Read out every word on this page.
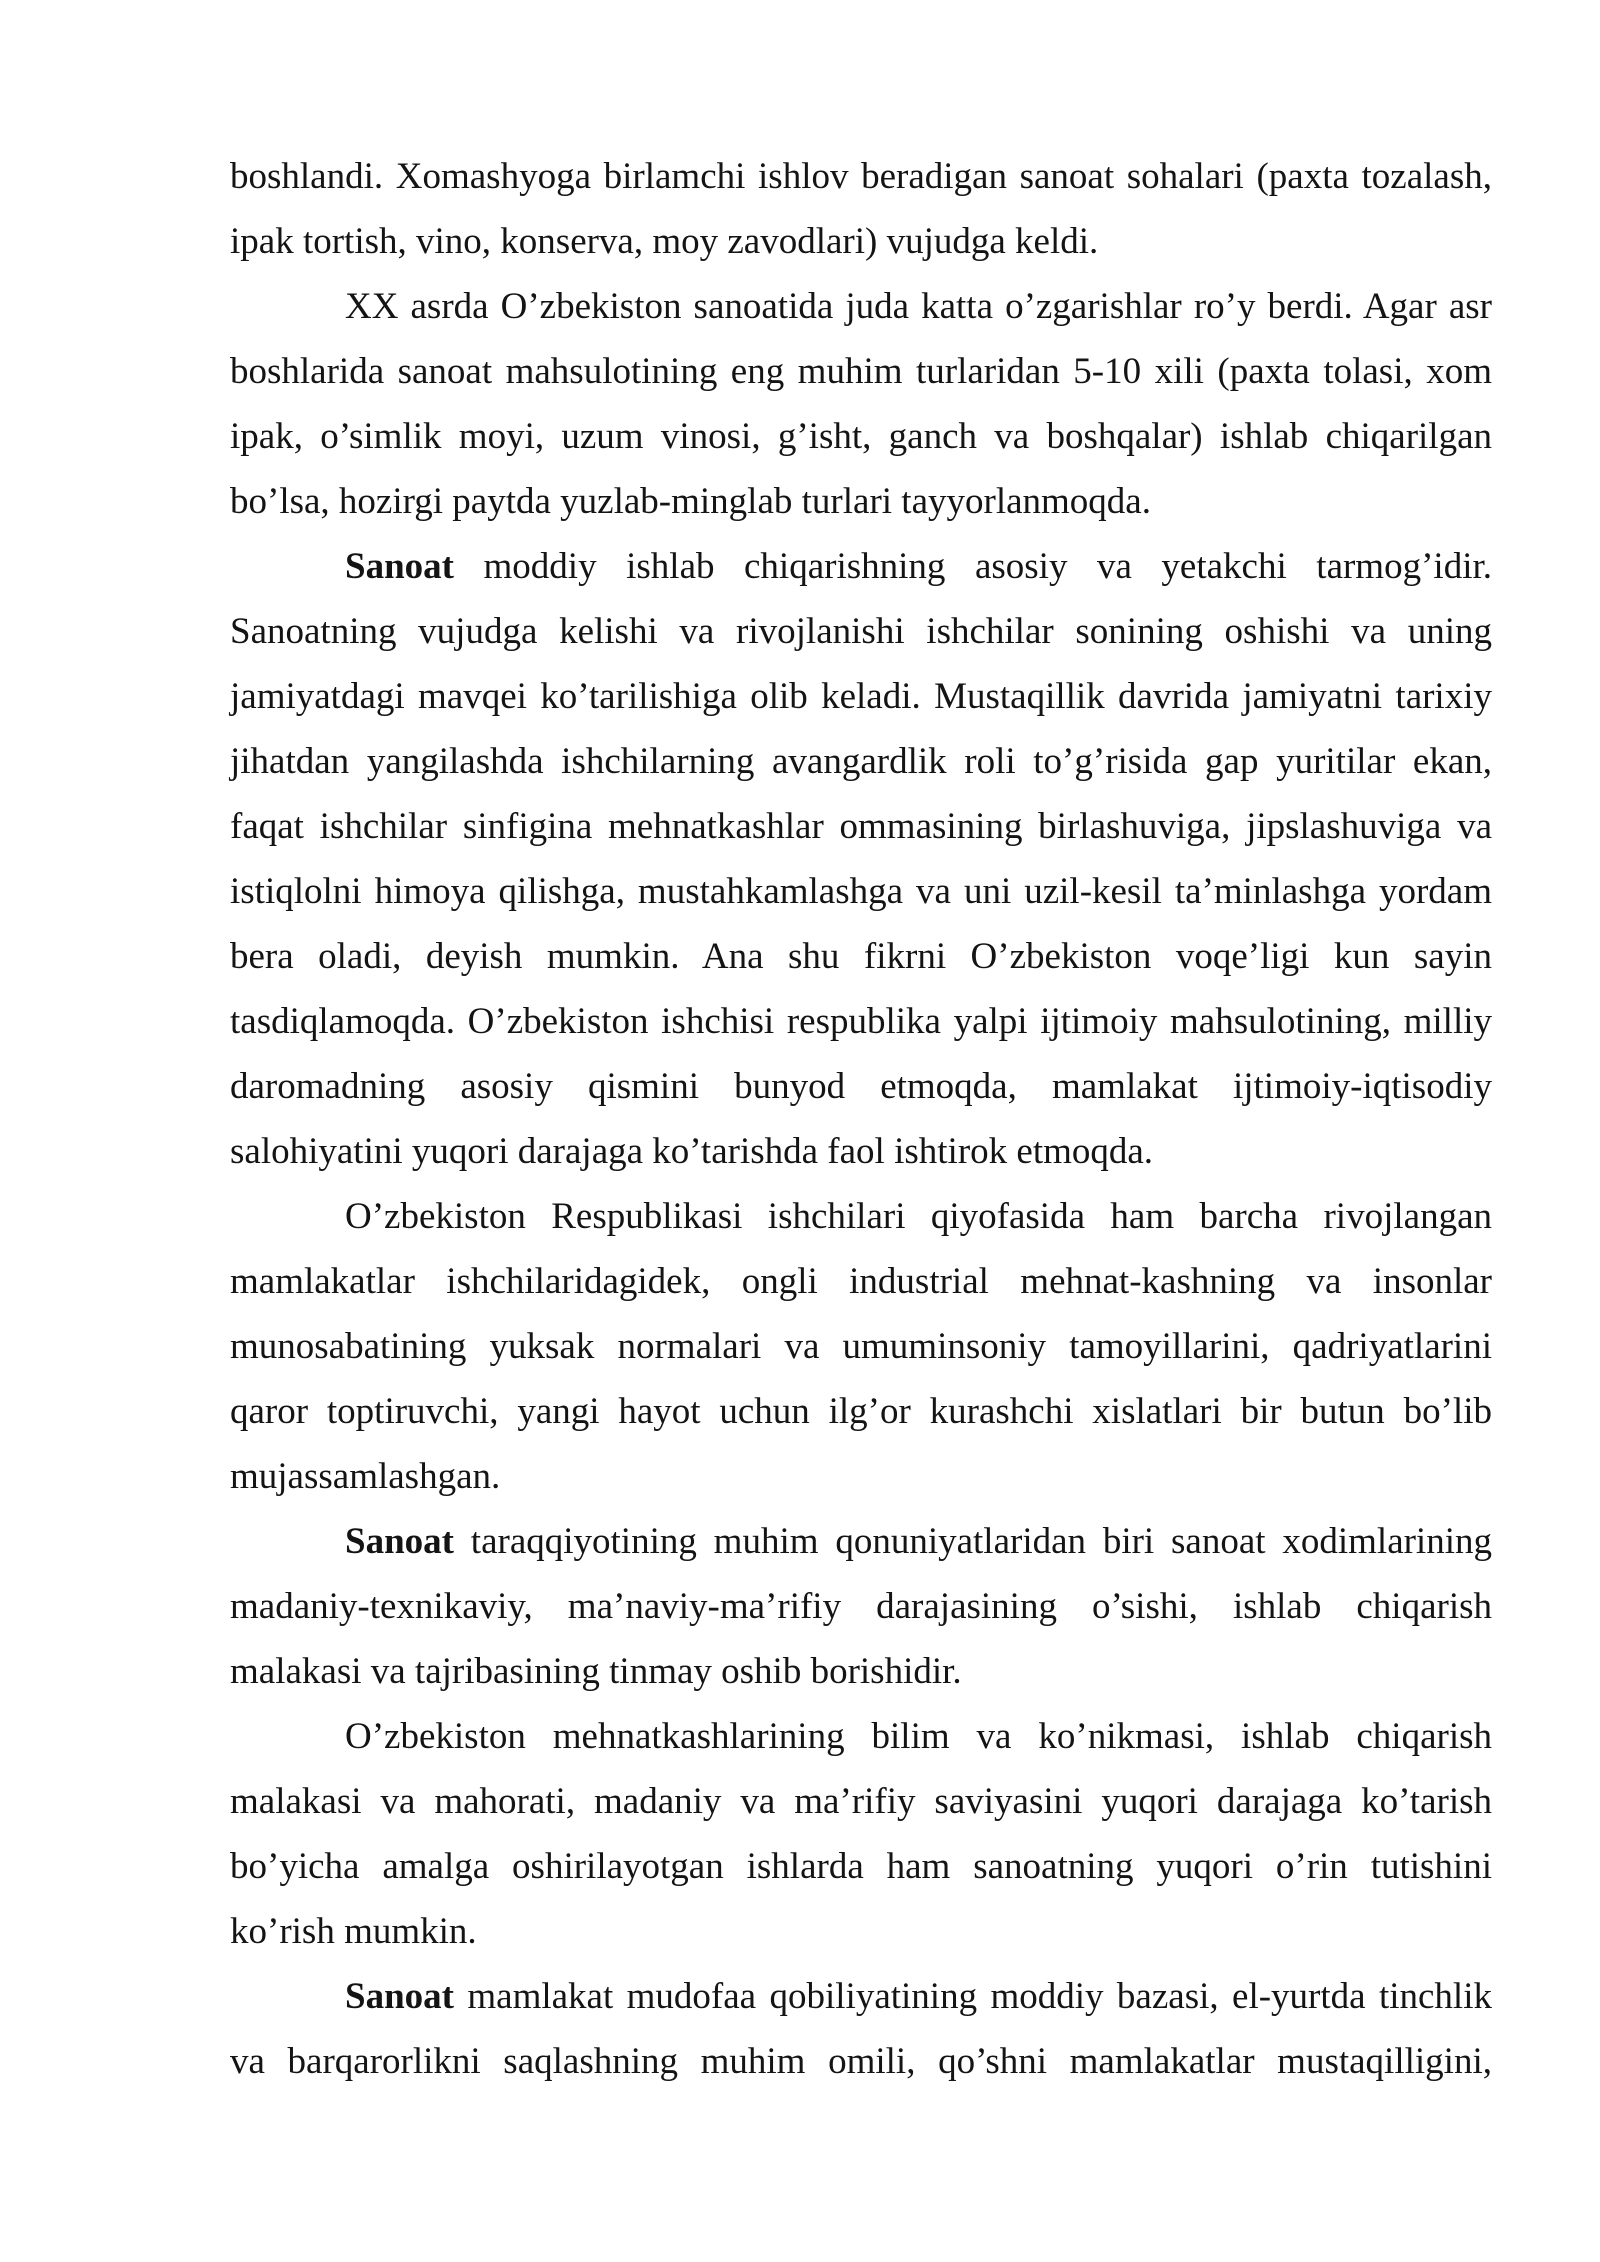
boshlandi. Xomashyoga birlamchi ishlov beradigan sanoat sohalari (paxta tozalash,
ipak tortish, vino, konserva, moy zavodlari) vujudga keldi.
XX asrda O’zbekiston sanoatida juda katta o’zgarishlar ro’y berdi. Agar asr
boshlarida sanoat mahsulotining eng muhim turlaridan 5-10 xili (paxta tolasi, xom
ipak, o’simlik moyi, uzum vinosi, g’isht, ganch va boshqalar) ishlab chiqarilgan
bo’lsa, hozirgi paytda yuzlab-minglab turlari tayyorlanmoqda.
Sanoat moddiy ishlab chiqarishning asosiy va yetakchi tarmog’idir.
Sanoatning vujudga kelishi va rivojlanishi ishchilar sonining oshishi va uning
jamiyatdagi mavqei ko’tarilishiga olib keladi. Mustaqillik davrida jamiyatni tarixiy
jihatdan yangilashda ishchilarning avangardlik roli to’g’risida gap yuritilar ekan,
faqat ishchilar sinfigina mehnatkashlar ommasining birlashuviga, jipslashuviga va
istiqlolni himoya qilishga, mustahkamlashga va uni uzil-kesil ta’minlashga yordam
bera oladi, deyish mumkin. Ana shu fikrni O’zbekiston voqe’ligi kun sayin
tasdiqlamoqda. O’zbekiston ishchisi respublika yalpi ijtimoiy mahsulotining, milliy
daromadning asosiy qismini bunyod etmoqda, mamlakat ijtimoiy-iqtisodiy
salohiyatini yuqori darajaga ko’tarishda faol ishtirok etmoqda.
O’zbekiston Respublikasi ishchilari qiyofasida ham barcha rivojlangan
mamlakatlar ishchilaridagidek, ongli industrial mehnat-kashning va insonlar
munosabatining yuksak normalari va umuminsoniy tamoyillarini, qadriyatlarini
qaror toptiruvchi, yangi hayot uchun ilg’or kurashchi xislatlari bir butun bo’lib
mujassamlashgan.
Sanoat taraqqiyotining muhim qonuniyatlaridan biri sanoat xodimlarining
madaniy-texnikaviy, ma’naviy-ma’rifiy darajasining o’sishi, ishlab chiqarish
malakasi va tajribasining tinmay oshib borishidir.
O’zbekiston mehnatkashlarining bilim va ko’nikmasi, ishlab chiqarish
malakasi va mahorati, madaniy va ma’rifiy saviyasini yuqori darajaga ko’tarish
bo’yicha amalga oshirilayotgan ishlarda ham sanoatning yuqori o’rin tutishini
ko’rish mumkin.
Sanoat mamlakat mudofaa qobiliyatining moddiy bazasi, el-yurtda tinchlik
va barqarorlikni saqlashning muhim omili, qo’shni mamlakatlar mustaqilligini,
